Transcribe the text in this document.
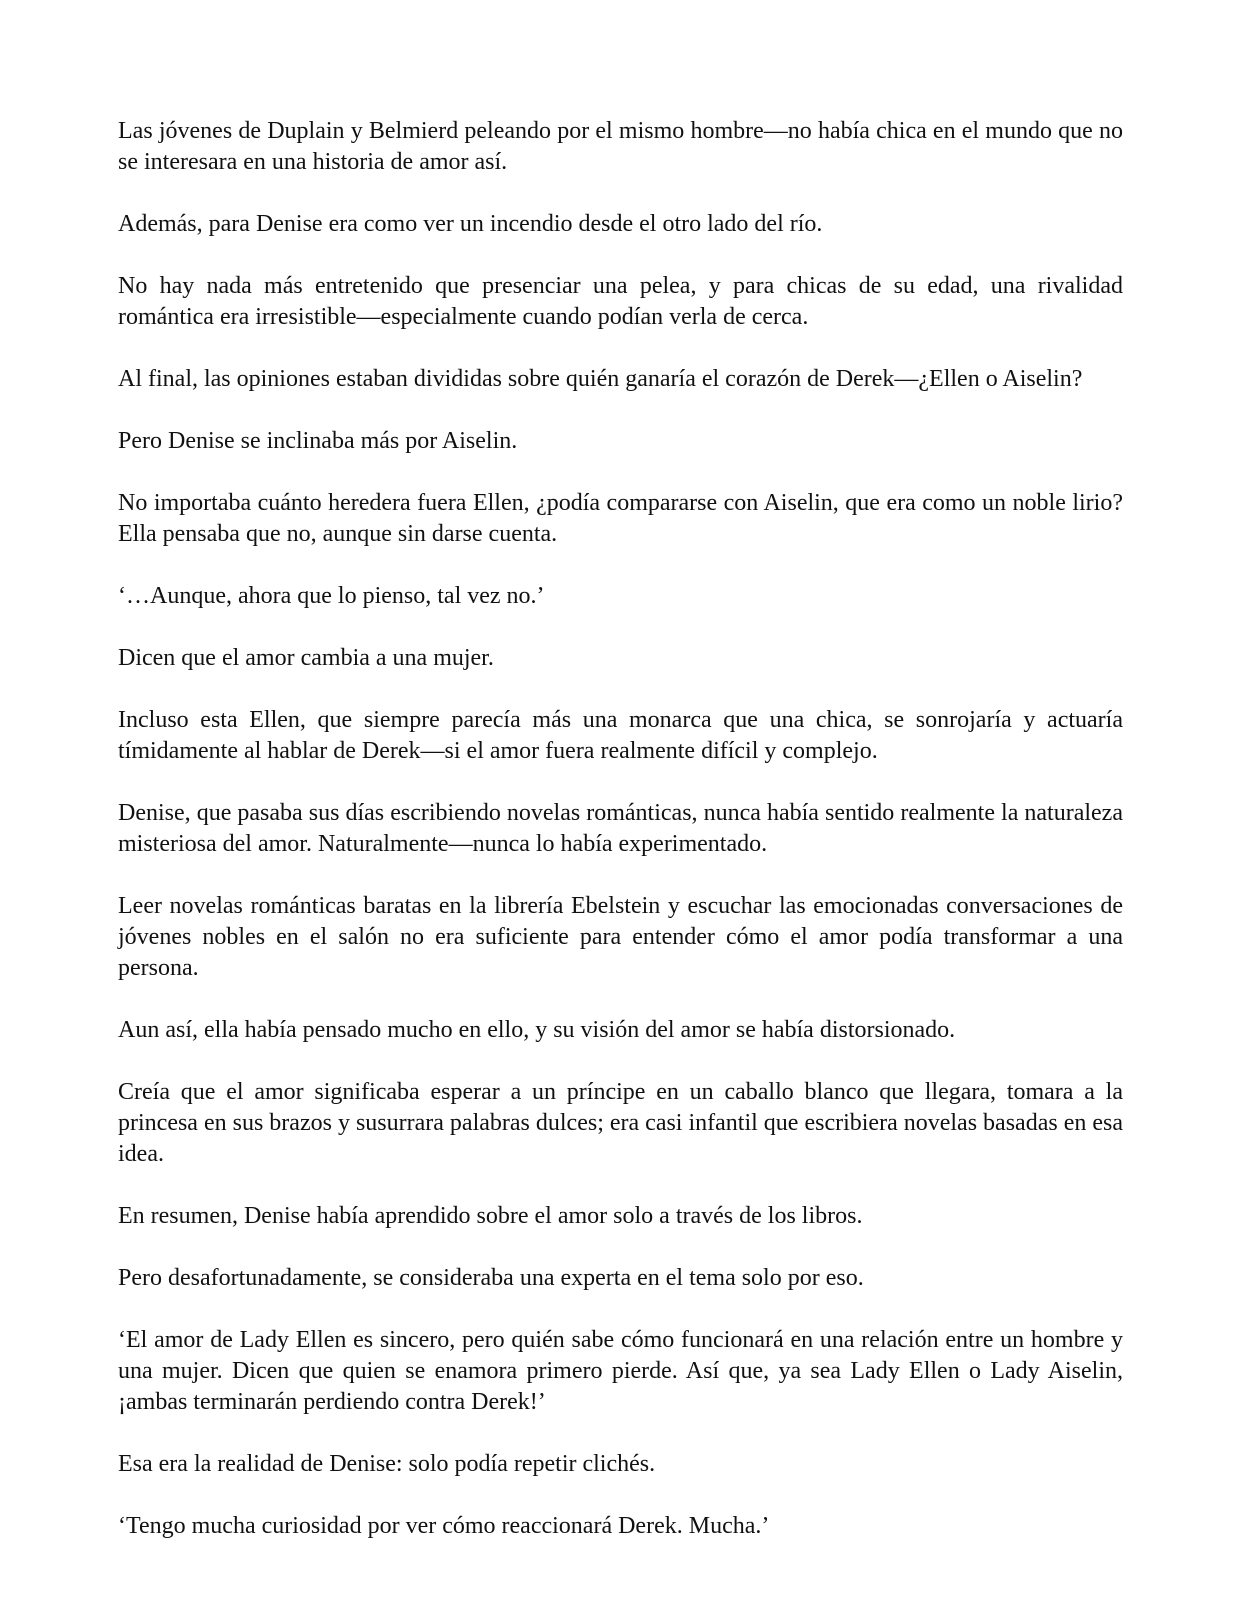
Las jóvenes de Duplain y Belmierd peleando por el mismo hombre—no había chica en el mundo que no se interesara en una historia de amor así.

Además, para Denise era como ver un incendio desde el otro lado del río.

No hay nada más entretenido que presenciar una pelea, y para chicas de su edad, una rivalidad romántica era irresistible—especialmente cuando podían verla de cerca.

Al final, las opiniones estaban divididas sobre quién ganaría el corazón de Derek—¿Ellen o Aiselin?

Pero Denise se inclinaba más por Aiselin.

No importaba cuánto heredera fuera Ellen, ¿podía compararse con Aiselin, que era como un noble lirio? Ella pensaba que no, aunque sin darse cuenta.

‘…Aunque, ahora que lo pienso, tal vez no.’

Dicen que el amor cambia a una mujer.

Incluso esta Ellen, que siempre parecía más una monarca que una chica, se sonrojaría y actuaría tímidamente al hablar de Derek—si el amor fuera realmente difícil y complejo.

Denise, que pasaba sus días escribiendo novelas románticas, nunca había sentido realmente la naturaleza misteriosa del amor. Naturalmente—nunca lo había experimentado.

Leer novelas románticas baratas en la librería Ebelstein y escuchar las emocionadas conversaciones de jóvenes nobles en el salón no era suficiente para entender cómo el amor podía transformar a una persona.

Aun así, ella había pensado mucho en ello, y su visión del amor se había distorsionado.

Creía que el amor significaba esperar a un príncipe en un caballo blanco que llegara, tomara a la princesa en sus brazos y susurrara palabras dulces; era casi infantil que escribiera novelas basadas en esa idea.

En resumen, Denise había aprendido sobre el amor solo a través de los libros.

Pero desafortunadamente, se consideraba una experta en el tema solo por eso.

‘El amor de Lady Ellen es sincero, pero quién sabe cómo funcionará en una relación entre un hombre y una mujer. Dicen que quien se enamora primero pierde. Así que, ya sea Lady Ellen o Lady Aiselin, ¡ambas terminarán perdiendo contra Derek!’

Esa era la realidad de Denise: solo podía repetir clichés.

‘Tengo mucha curiosidad por ver cómo reaccionará Derek. Mucha.’
